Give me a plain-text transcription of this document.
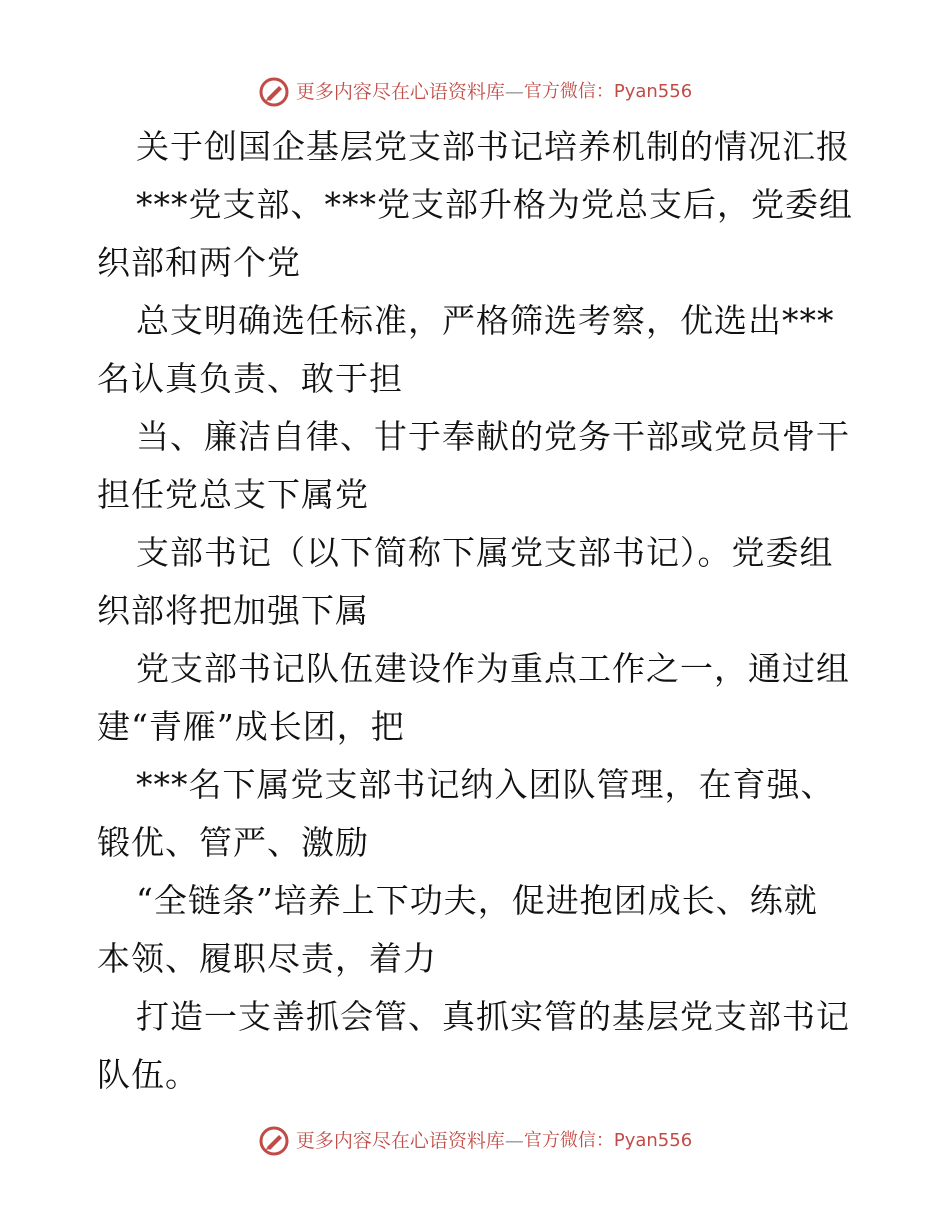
更多内容尽在心语资料库 — 官方微信：Pyan556
关于创国企基层党支部书记培养机制的情况汇报
***党支部、***党支部升格为党总支后，党委组
织部和两个党
总支明确选任标准，严格筛选考察，优选出***
名认真负责、敢于担
当、廉洁自律、甘于奉献的党务干部或党员骨干
担任党总支下属党
支部书记（以下简称下属党支部书记）。党委组
织部将把加强下属
党支部书记队伍建设作为重点工作之一，通过组
建“青雁”成长团，把
***名下属党支部书记纳入团队管理，在育强、
锻优、管严、激励
“全链条”培养上下功夫，促进抱团成长、练就
本领、履职尽责，着力
打造一支善抓会管、真抓实管的基层党支部书记
队伍。
更多内容尽在心语资料库 — 官方微信：Pyan556
